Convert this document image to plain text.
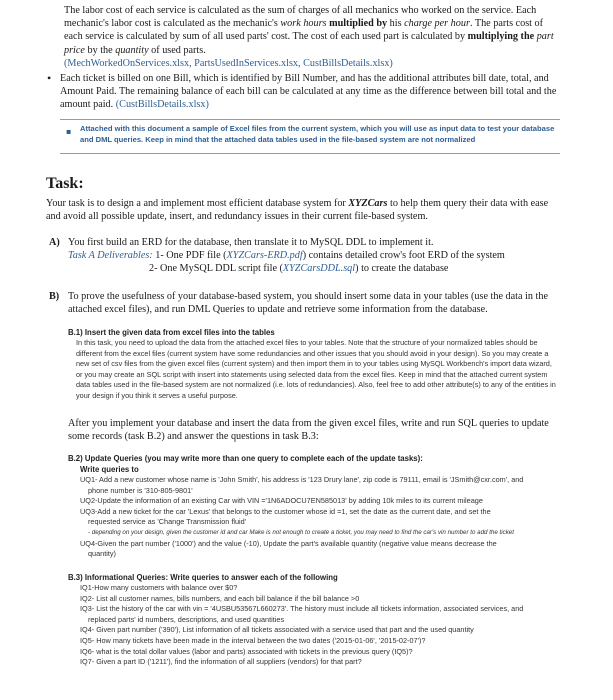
The labor cost of each service is calculated as the sum of charges of all mechanics who worked on the service. Each mechanic's labor cost is calculated as the mechanic's work hours multiplied by his charge per hour. The parts cost of each service is calculated by sum of all used parts' cost. The cost of each used part is calculated by multiplying the part price by the quantity of used parts.
(MechWorkedOnServices.xlsx, PartsUsedInServices.xlsx, CustBillsDetails.xlsx)
• Each ticket is billed on one Bill, which is identified by Bill Number, and has the additional attributes bill date, total, and Amount Paid. The remaining balance of each bill can be calculated at any time as the difference between bill total and the amount paid. (CustBillsDetails.xlsx)
▪ Attached with this document a sample of Excel files from the current system, which you will use as input data to test your database and DML queries. Keep in mind that the attached data tables used in the file-based system are not normalized
Task:
Your task is to design a and implement most efficient database system for XYZCars to help them query their data with ease and avoid all possible update, insert, and redundancy issues in their current file-based system.
A) You first build an ERD for the database, then translate it to MySQL DDL to implement it.
Task A Deliverables: 1- One PDF file (XYZCars-ERD.pdf) contains detailed crow's foot ERD of the system
2- One MySQL DDL script file (XYZCarsDDL.sql) to create the database
B) To prove the usefulness of your database-based system, you should insert some data in your tables (use the data in the attached excel files), and run DML Queries to update and retrieve some information from the database.
B.1) Insert the given data from excel files into the tables
In this task, you need to upload the data from the attached excel files to your tables. Note that the structure of your normalized tables should be different from the excel files (current system have some redundancies and other issues that you should avoid in your design). So you may create a new set of csv files from the given excel files (current system) and then import them in to your tables using MySQL Workbench's import data wizard, or you may create an SQL script with insert into statements using selected data from the excel files. Keep in mind that the attached current system data tables used in the file-based system are not normalized (i.e. lots of redundancies). Also, feel free to add other attribute(s) to any of the entities in your design if you think it serves a useful purpose.
After you implement your database and insert the data from the given excel files, write and run SQL queries to update some records (task B.2) and answer the questions in task B.3:
B.2) Update Queries (you may write more than one query to complete each of the update tasks):
Write queries to
UQ1- Add a new customer whose name is 'John Smith', his address is '123 Drury lane', zip code is 79111, email is 'JSmith@cxr.com', and
phone number is '310-805-9801'
UQ2-Update the information of an existing Car with VIN ='1N6ADOCU7EN585013' by adding 10k miles to its current mileage
UQ3-Add a new ticket for the car 'Lexus' that belongs to the customer whose id =1, set the date as the current date, and set the
requested service as 'Change Transmission fluid'
- depending on your design, given the customer id and car Make is not enough to create a ticket, you may need to find the car's vin number to add the ticket
UQ4-Given the part number ('1000') and the value (-10), Update the part's available quantity (negative value means decrease the
quantity)
B.3) Informational Queries: Write queries to answer each of the following
IQ1-How many customers with balance over $0?
IQ2- List all customer names, bills numbers, and each bill balance if the bill balance >0
IQ3- List the history of the car with vin = '4USBU53567L660273'. The history must include all tickets information, associated services, and
replaced parts' id numbers, descriptions, and used quantities
IQ4- Given part number ('390'), List information of all tickets associated with a service used that part and the used quantity
IQ5- How many tickets have been made in the interval between the two dates ('2015-01-06', '2015-02-07')?
IQ6- what is the total dollar values (labor and parts) associated with tickets in the previous query (IQ5)?
IQ7- Given a part ID ('1211'), find the information of all suppliers (vendors) for that part?
